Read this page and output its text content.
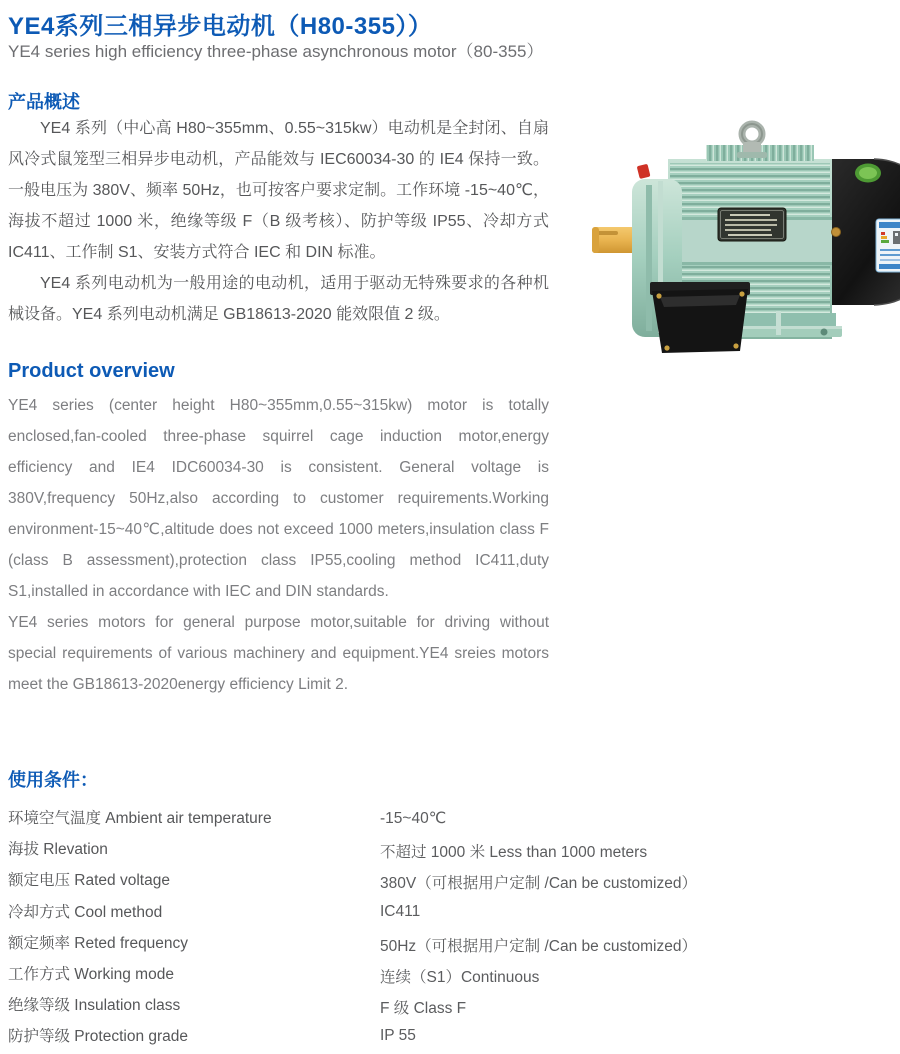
YE4系列三相异步电动机（H80-355））
YE4 series high efficiency three-phase asynchronous motor（80-355）
产品概述

YE4 系列（中心高 H80~355mm、0.55~315kw）电动机是全封闭、自扇风冷式鼠笼型三相异步电动机，产品能效与 IEC60034-30 的 IE4 保持一致。一般电压为 380V、频率 50Hz，也可按客户要求定制。工作环境 -15~40℃，海拔不超过 1000 米，绝缘等级 F（B 级考核）、防护等级 IP55、冷却方式 IC411、工作制 S1、安装方式符合 IEC 和 DIN 标准。

YE4 系列电动机为一般用途的电动机，适用于驱动无特殊要求的各种机械设备。YE4 系列电动机满足 GB18613-2020 能效限值 2 级。

Product overview

YE4 series (center height H80~355mm,0.55~315kw) motor is totally enclosed,fan-cooled three-phase squirrel cage induction motor,energy efficiency and IE4 IDC60034-30 is consistent. General voltage is 380V,frequency 50Hz,also according to customer requirements.Working environment-15~40℃,altitude does not exceed 1000 meters,insulation class F (class B assessment),protection class IP55,cooling method IC411,duty S1,installed in accordance with IEC and DIN standards.

YE4 series motors for general purpose motor,suitable for driving without special requirements of various machinery and equipment.YE4 sreies motors meet the GB18613-2020energy efficiency Limit 2.

使用条件：
环境空气温度 Ambient air temperature	-15~40℃
海拔 Rlevation	不超过 1000 米 Less than 1000 meters
额定电压 Rated voltage	380V（可根据用户定制 /Can be customized）
冷却方式 Cool method	IC411
额定频率 Reted frequency	50Hz（可根据用户定制 /Can be customized）
工作方式 Working mode	连续（S1）Continuous
绝缘等级 Insulation class	F 级 Class F
防护等级 Protection grade	IP 55
